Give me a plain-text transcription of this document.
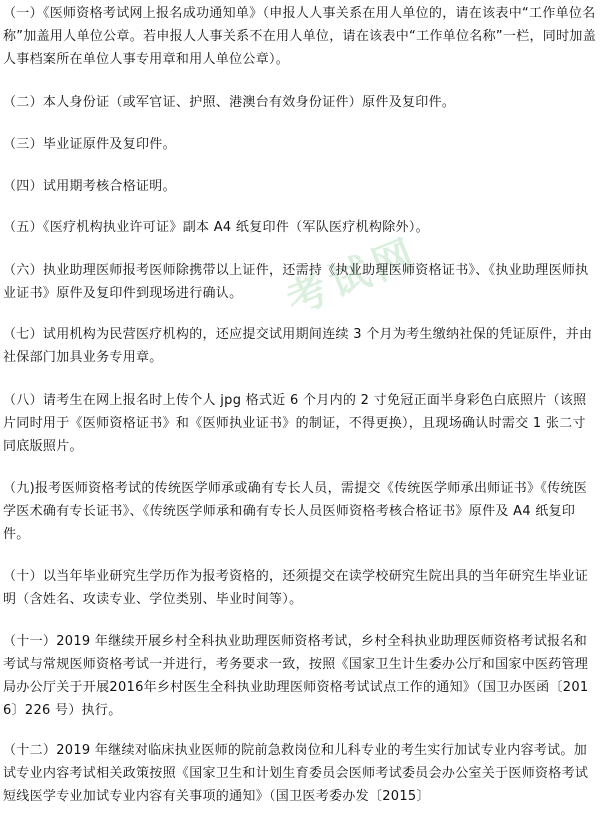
考试网

（一）《医师资格考试网上报名成功通知单》（申报人人事关系在用人单位的，请在该表中“工作单位名称”加盖用人单位公章。若申报人人事关系不在用人单位，请在该表中“工作单位名称”一栏，同时加盖人事档案所在单位人事专用章和用人单位公章）。

（二）本人身份证（或军官证、护照、港澳台有效身份证件）原件及复印件。

（三）毕业证原件及复印件。

（四）试用期考核合格证明。

（五）《医疗机构执业许可证》副本 A4 纸复印件（军队医疗机构除外）。

（六）执业助理医师报考医师除携带以上证件，还需持《执业助理医师资格证书》、《执业助理医师执业证书》原件及复印件到现场进行确认。

（七）试用机构为民营医疗机构的，还应提交试用期间连续 3 个月为考生缴纳社保的凭证原件，并由社保部门加具业务专用章。

（八）请考生在网上报名时上传个人 jpg 格式近 6 个月内的 2 寸免冠正面半身彩色白底照片（该照片同时用于《医师资格证书》和《医师执业证书》的制证，不得更换），且现场确认时需交 1 张二寸同底版照片。

（九)报考医师资格考试的传统医学师承或确有专长人员，需提交《传统医学师承出师证书》《传统医学医术确有专长证书》、《传统医学师承和确有专长人员医师资格考核合格证书》原件及 A4 纸复印件。

（十）以当年毕业研究生学历作为报考资格的，还须提交在读学校研究生院出具的当年研究生毕业证明（含姓名、攻读专业、学位类别、毕业时间等）。

（十一）2019 年继续开展乡村全科执业助理医师资格考试，乡村全科执业助理医师资格考试报名和考试与常规医师资格考试一并进行，考务要求一致，按照《国家卫生计生委办公厅和国家中医药管理局办公厅关于开展2016年乡村医生全科执业助理医师资格考试试点工作的通知》（国卫办医函〔2016〕226 号）执行。

（十二）2019 年继续对临床执业医师的院前急救岗位和儿科专业的考生实行加试专业内容考试。加试专业内容考试相关政策按照《国家卫生和计划生育委员会医师考试委员会办公室关于医师资格考试短线医学专业加试专业内容有关事项的通知》（国卫医考委办发〔2015〕
